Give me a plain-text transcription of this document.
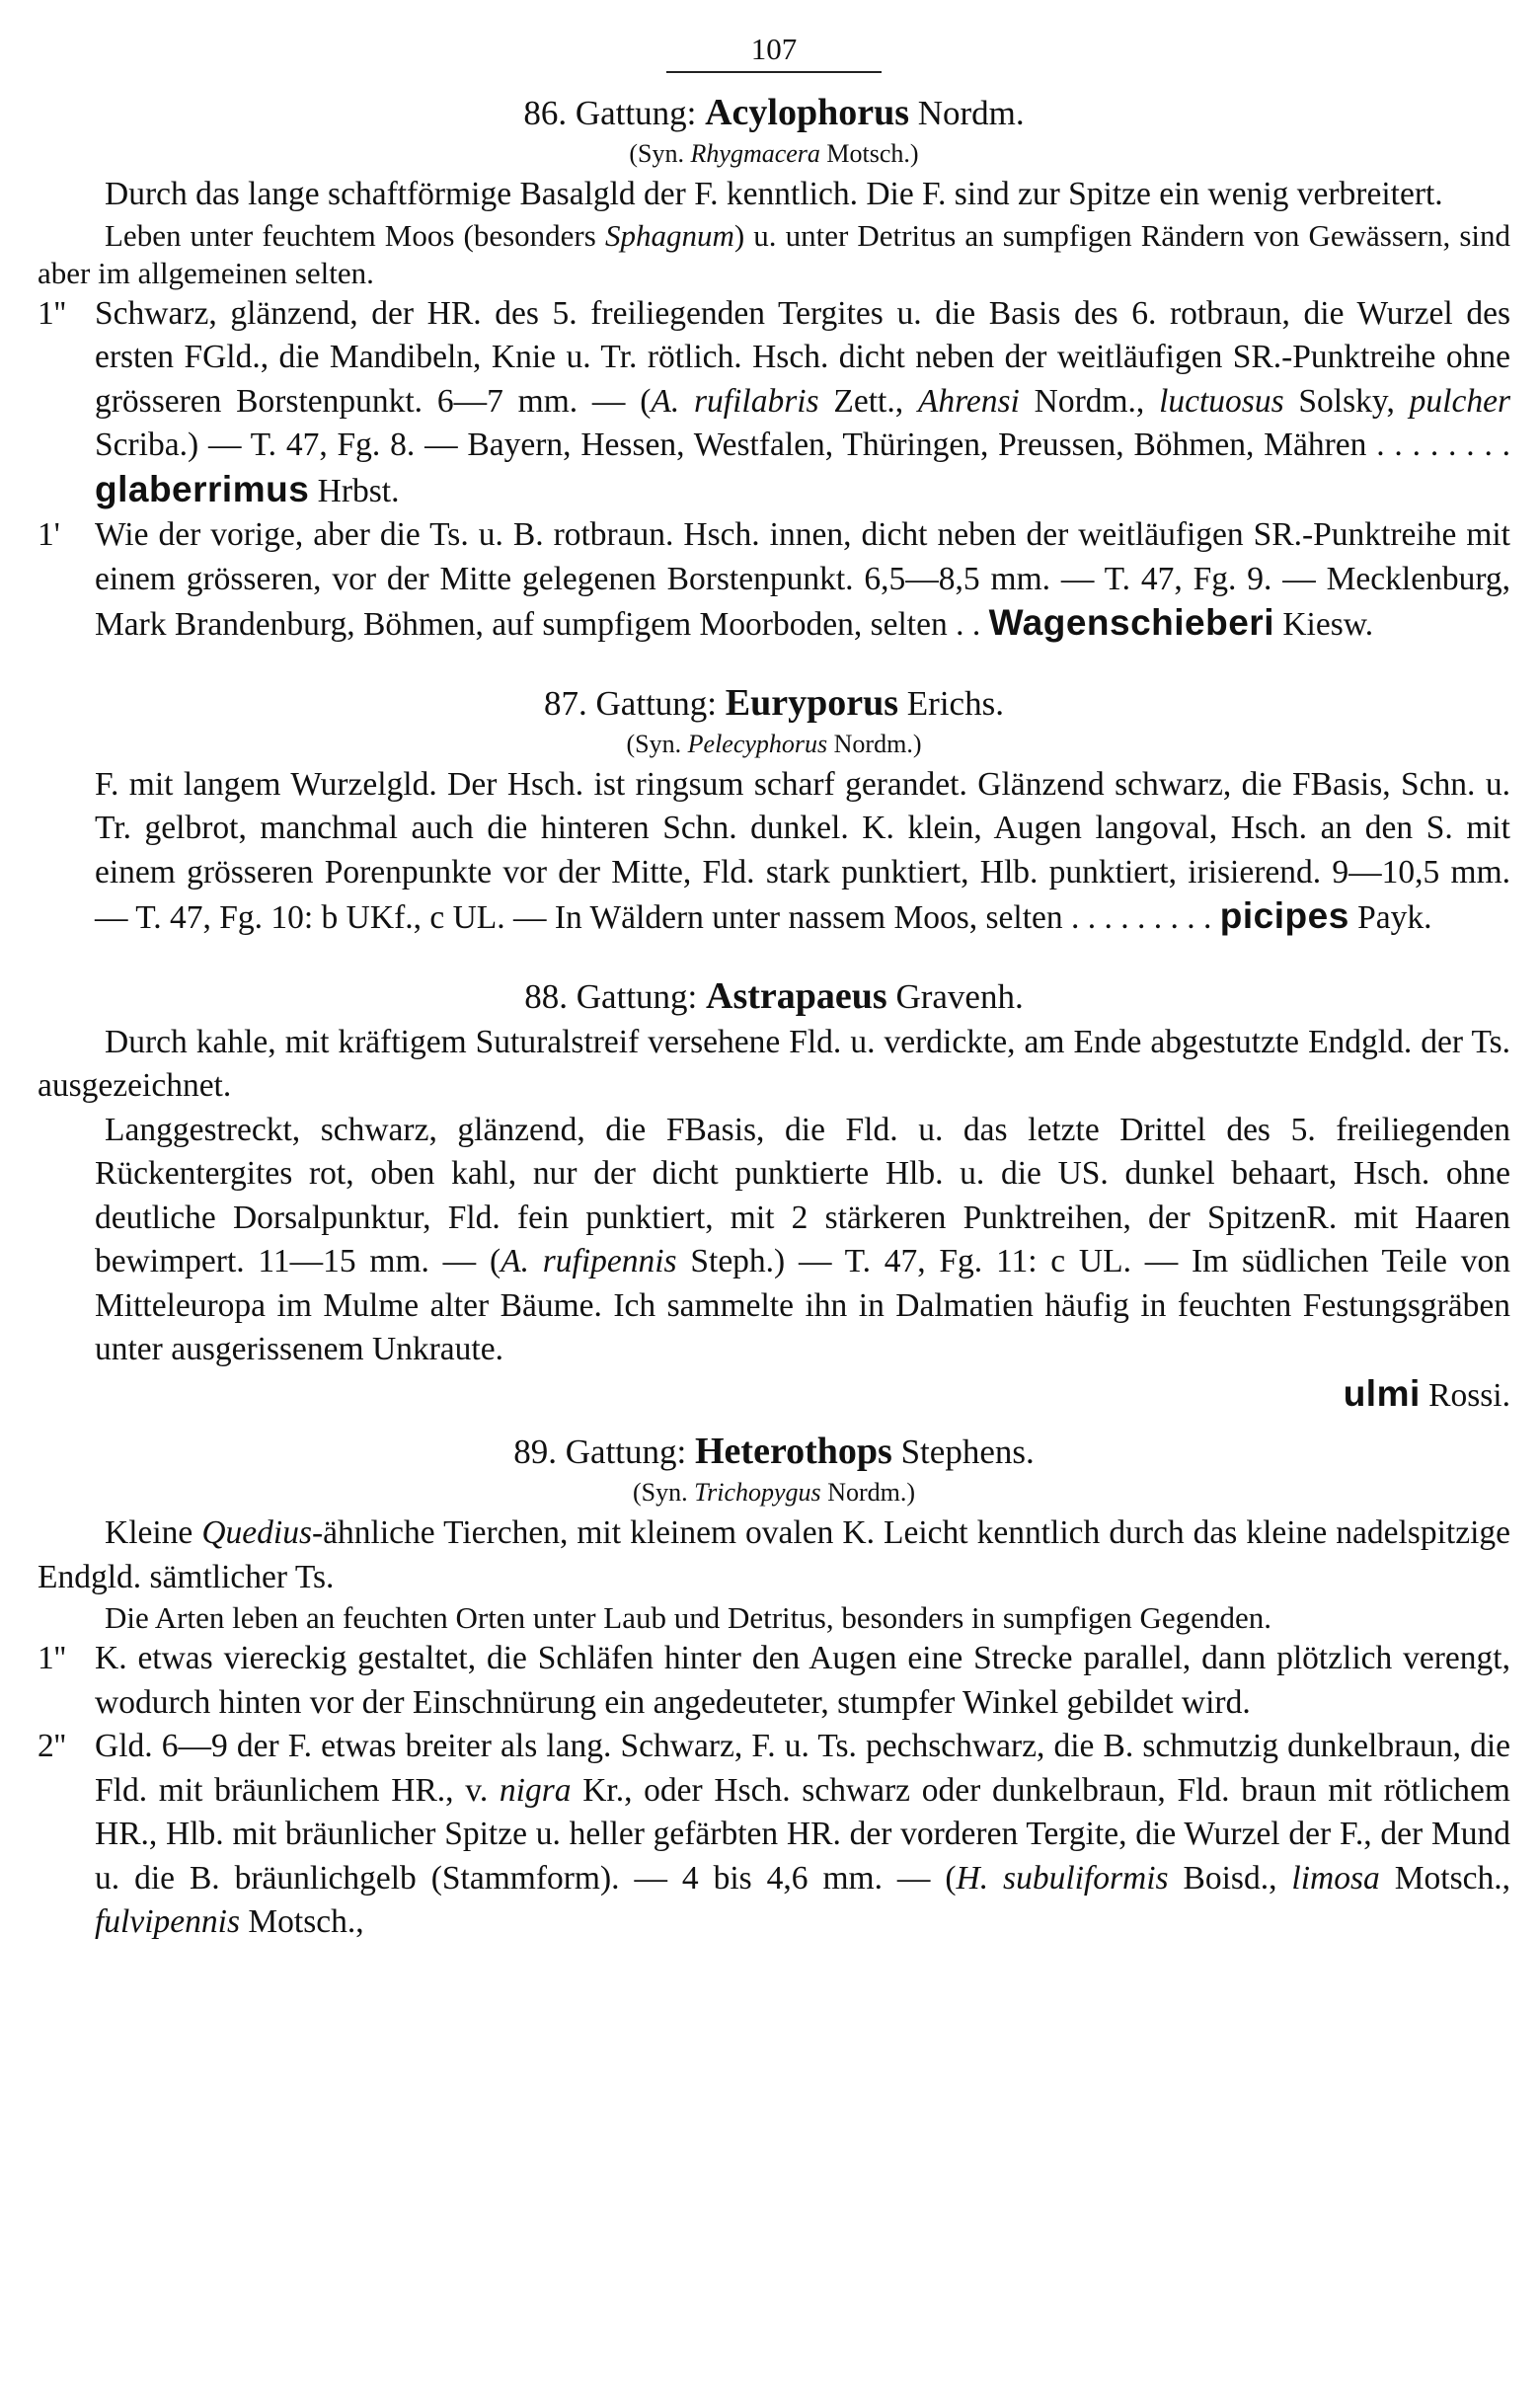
107
86. Gattung: Acylophorus Nordm.
(Syn. Rhygmacera Motsch.)
Durch das lange schaftförmige Basalgld der F. kenntlich. Die F. sind zur Spitze ein wenig verbreitert.
Leben unter feuchtem Moos (besonders Sphagnum) u. unter Detritus an sumpfigen Rändern von Gewässern, sind aber im allgemeinen selten.
1'' Schwarz, glänzend, der HR. des 5. freiliegenden Tergites u. die Basis des 6. rotbraun, die Wurzel des ersten FGld., die Mandibeln, Knie u. Tr. rötlich. Hsch. dicht neben der weitläufigen SR.-Punktreihe ohne grösseren Borstenpunkt. 6—7 mm. — (A. rufilabris Zett., Ahrensi Nordm., luctuosus Solsky, pulcher Scriba.) — T. 47, Fg. 8. — Bayern, Hessen, Westfalen, Thüringen, Preussen, Böhmen, Mähren . . . . . . . . glaberrimus Hrbst.
1'	Wie der vorige, aber die Ts. u. B. rotbraun. Hsch. innen, dicht neben der weitläufigen SR.-Punktreihe mit einem grösseren, vor der Mitte gelegenen Borstenpunkt. 6,5—8,5 mm. — T. 47, Fg. 9. — Mecklenburg, Mark Brandenburg, Böhmen, auf sumpfigem Moorboden, selten . . Wagenschieberi Kiesw.
87. Gattung: Euryporus Erichs.
(Syn. Pelecyphorus Nordm.)
F. mit langem Wurzelgld. Der Hsch. ist ringsum scharf gerandet. Glänzend schwarz, die FBasis, Schn. u. Tr. gelbrot, manchmal auch die hinteren Schn. dunkel. K. klein, Augen langoval, Hsch. an den S. mit einem grösseren Porenpunkte vor der Mitte, Fld. stark punktiert, Hlb. punktiert, irisierend. 9—10,5 mm. — T. 47, Fg. 10: b UKf., c UL. — In Wäldern unter nassem Moos, selten . . . . . . . . . picipes Payk.
88. Gattung: Astrapaeus Gravenh.
Durch kahle, mit kräftigem Suturalstreif versehene Fld. u. verdickte, am Ende abgestutzte Endgld. der Ts. ausgezeichnet.
Langgestreckt, schwarz, glänzend, die FBasis, die Fld. u. das letzte Drittel des 5. freiliegenden Rückentergites rot, oben kahl, nur der dicht punktierte Hlb. u. die US. dunkel behaart, Hsch. ohne deutliche Dorsalpunktur, Fld. fein punktiert, mit 2 stärkeren Punktreihen, der SpitzenR. mit Haaren bewimpert. 11—15 mm. — (A. rufipennis Steph.) — T. 47, Fg. 11: c UL. — Im südlichen Teile von Mitteleuropa im Mulme alter Bäume. Ich sammelte ihn in Dalmatien häufig in feuchten Festungsgräben unter ausgerissenem Unkraute.
ulmi Rossi.
89. Gattung: Heterothops Stephens.
(Syn. Trichopygus Nordm.)
Kleine Quedius-ähnliche Tierchen, mit kleinem ovalen K. Leicht kenntlich durch das kleine nadelspitzige Endgld. sämtlicher Ts.
Die Arten leben an feuchten Orten unter Laub und Detritus, besonders in sumpfigen Gegenden.
1'' K. etwas viereckig gestaltet, die Schläfen hinter den Augen eine Strecke parallel, dann plötzlich verengt, wodurch hinten vor der Einschnürung ein angedeuteter, stumpfer Winkel gebildet wird.
2'' Gld. 6—9 der F. etwas breiter als lang. Schwarz, F. u. Ts. pechschwarz, die B. schmutzig dunkelbraun, die Fld. mit bräunlichem HR., v. nigra Kr., oder Hsch. schwarz oder dunkelbraun, Fld. braun mit rötlichem HR., Hlb. mit bräunlicher Spitze u. heller gefärbten HR. der vorderen Tergite, die Wurzel der F., der Mund u. die B. bräunlichgelb (Stammform). — 4 bis 4,6 mm. — (H. subuliformis Boisd., limosa Motsch., fulvipennis Motsch.,
